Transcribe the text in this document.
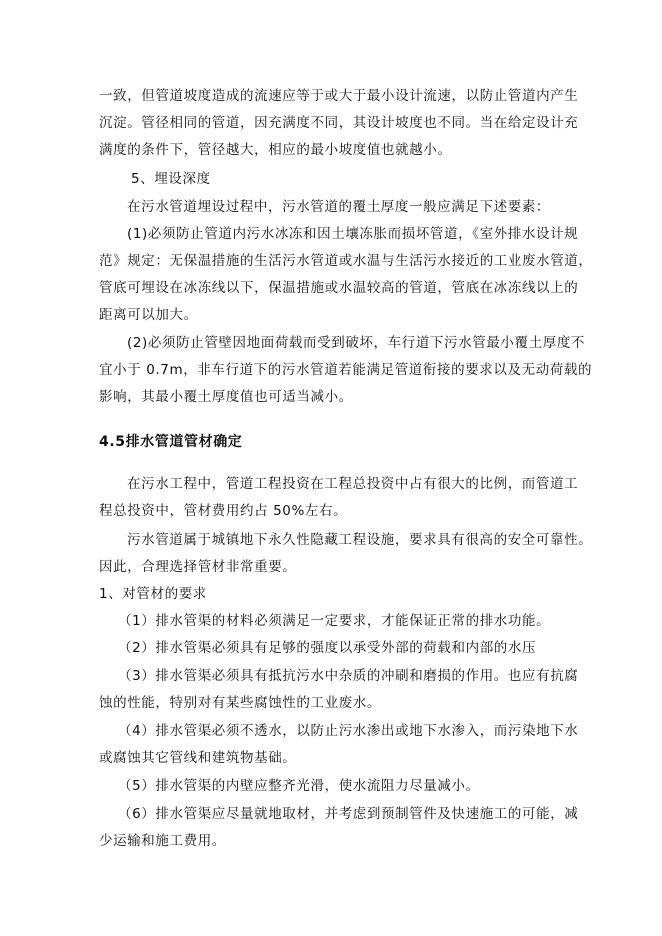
一致，但管道坡度造成的流速应等于或大于最小设计流速，以防止管道内产生
沉淀。管径相同的管道，因充满度不同，其设计坡度也不同。当在给定设计充
满度的条件下，管径越大，相应的最小坡度值也就越小。
5、埋设深度
在污水管道埋设过程中，污水管道的覆土厚度一般应满足下述要素：
(1)必须防止管道内污水冰冻和因土壤冻胀而损坏管道，《室外排水设计规
范》规定：无保温措施的生活污水管道或水温与生活污水接近的工业废水管道，
管底可埋设在冰冻线以下，保温措施或水温较高的管道，管底在冰冻线以上的
距离可以加大。
(2)必须防止管壁因地面荷载而受到破坏，车行道下污水管最小覆土厚度不
宜小于 0.7m，非车行道下的污水管道若能满足管道衔接的要求以及无动荷载的
影响，其最小覆土厚度值也可适当减小。
4.5排水管道管材确定
在污水工程中，管道工程投资在工程总投资中占有很大的比例，而管道工
程总投资中，管材费用约占 50%左右。
污水管道属于城镇地下永久性隐藏工程设施，要求具有很高的安全可靠性。
因此，合理选择管材非常重要。
1、对管材的要求
（1）排水管渠的材料必须满足一定要求，才能保证正常的排水功能。
（2）排水管渠必须具有足够的强度以承受外部的荷载和内部的水压
（3）排水管渠必须具有抵抗污水中杂质的冲刷和磨损的作用。也应有抗腐
蚀的性能，特别对有某些腐蚀性的工业废水。
（4）排水管渠必须不透水，以防止污水渗出或地下水渗入，而污染地下水
或腐蚀其它管线和建筑物基础。
（5）排水管渠的内壁应整齐光滑，使水流阻力尽量减小。
（6）排水管渠应尽量就地取材，并考虑到预制管件及快速施工的可能，减
少运输和施工费用。
